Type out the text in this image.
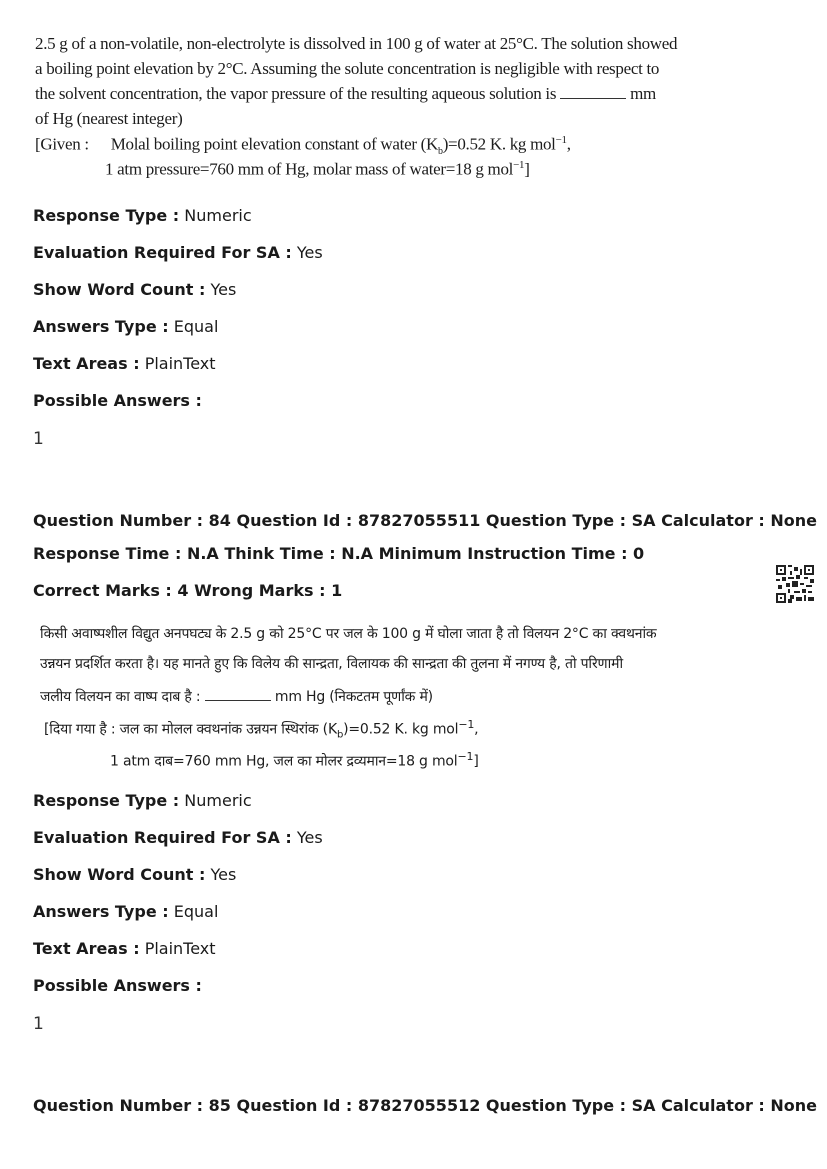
2.5 g of a non-volatile, non-electrolyte is dissolved in 100 g of water at 25°C. The solution showed
a boiling point elevation by 2°C. Assuming the solute concentration is negligible with respect to
the solvent concentration, the vapor pressure of the resulting aqueous solution is	mm
of Hg (nearest integer)
[Given : Molal boiling point elevation constant of water $(K_b)=0.52$ K. kg mol$^{-1}$,
1 atm pressure=760 mm of Hg, molar mass of water=18 g mol$^{-1}$]
Response Type : Numeric
Evaluation Required For SA : Yes
Show Word Count : Yes
Answers Type : Equal
Text Areas : PlainText
Possible Answers :
1
Question Number : 84 Question Id : 87827055511 Question Type : SA Calculator : None
Response Time : N.A Think Time : N.A Minimum Instruction Time : 0
Correct Marks : 4 Wrong Marks : 1
किसी अवाष्पशील विद्युत अनपघट्य के 2.5 g को 25°C पर जल के 100 g में घोला जाता है तो विलयन 2°C का क्वथनांक
उन्नयन प्रदर्शित करता है। यह मानते हुए कि विलेय की सान्द्रता, विलायक की सान्द्रता की तुलना में नगण्य है, तो परिणामी
जलीय विलयन का वाष्प दाब है :	mm Hg (निकटतम पूर्णांक में)
[दिया गया है : जल का मोलल क्वथनांक उन्नयन स्थिरांक $(K_b)=0.52$ K. kg mol$^{-1}$,
1 atm दाब=760 mm Hg, जल का मोलर द्रव्यमान=18 g mol$^{-1}$]
Response Type : Numeric
Evaluation Required For SA : Yes
Show Word Count : Yes
Answers Type : Equal
Text Areas : PlainText
Possible Answers :
1
Question Number : 85 Question Id : 87827055512 Question Type : SA Calculator : None
